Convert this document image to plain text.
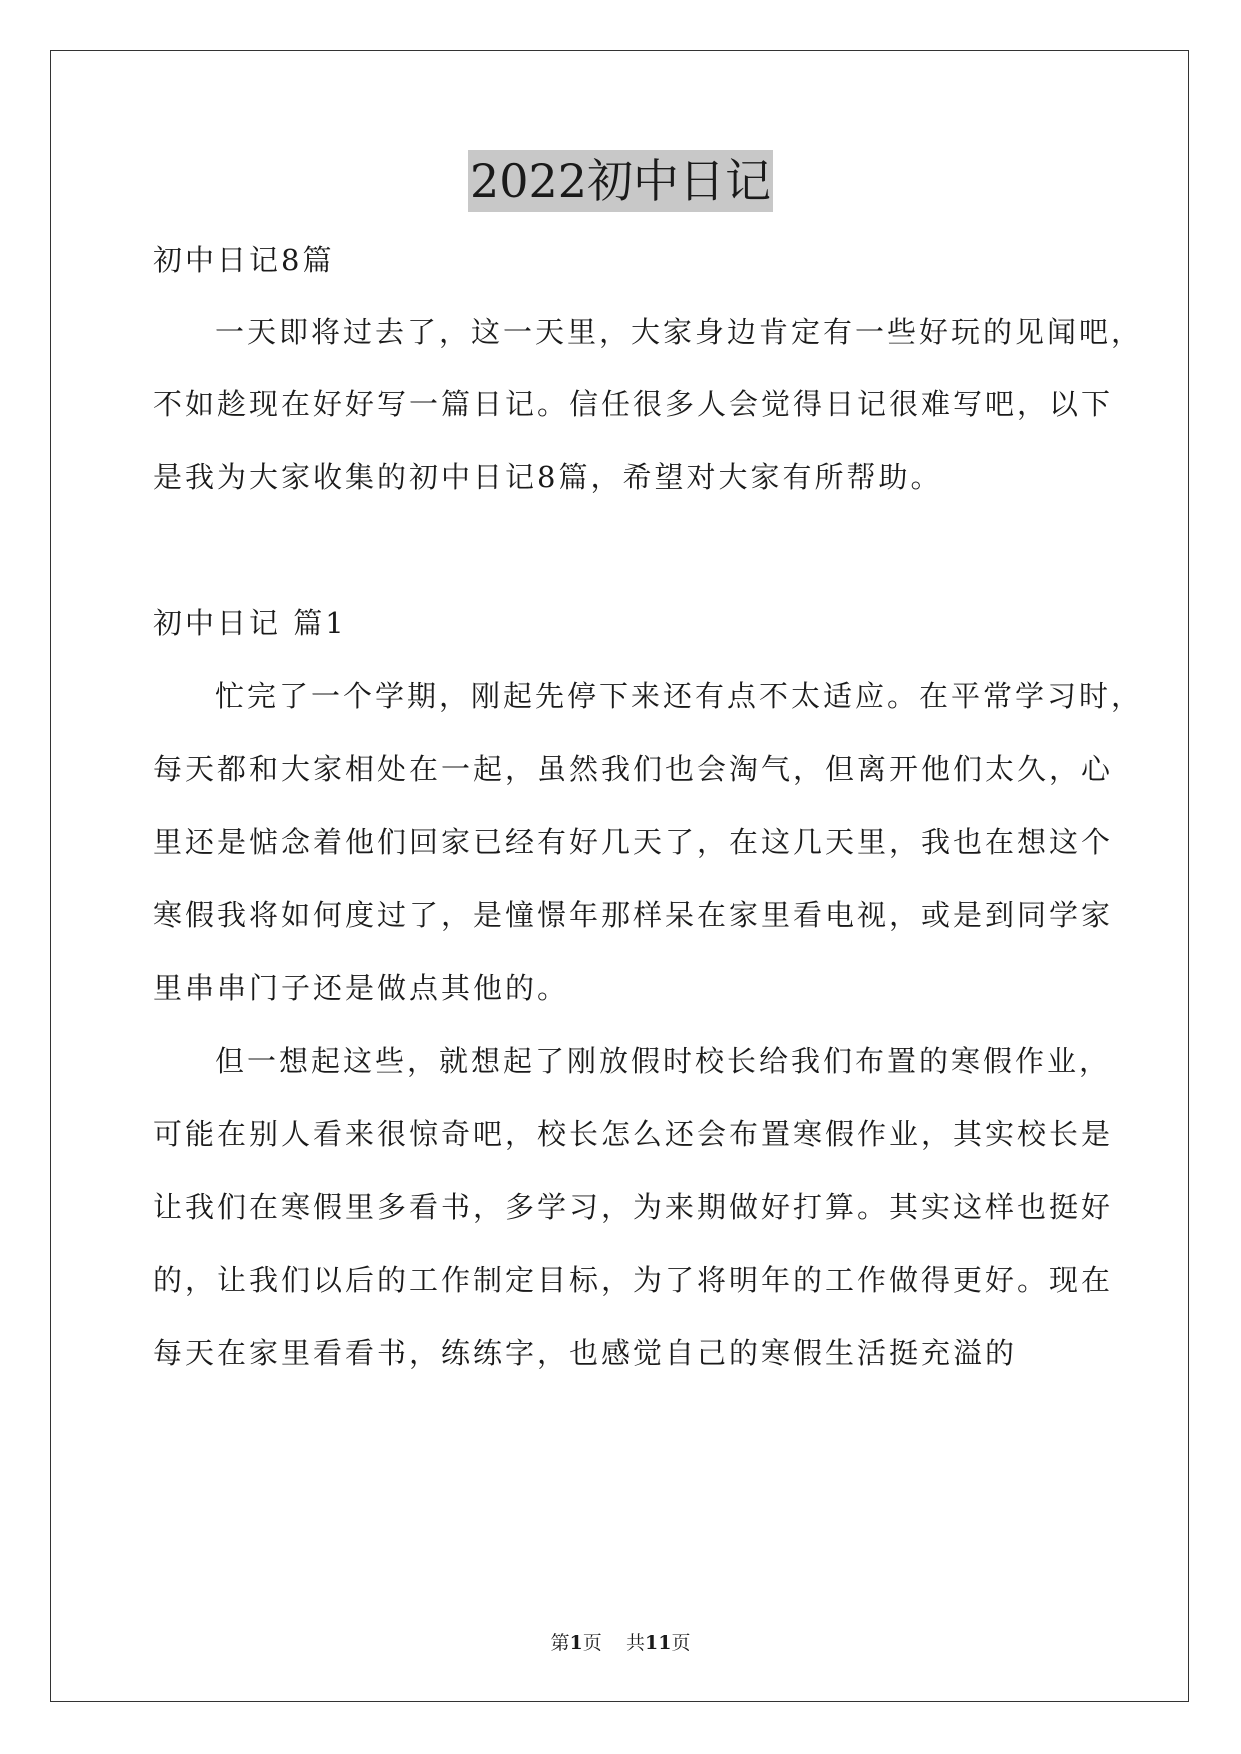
2022初中日记
初中日记8篇
一天即将过去了，这一天里，大家身边肯定有一些好玩的见闻吧，
不如趁现在好好写一篇日记。信任很多人会觉得日记很难写吧，以下
是我为大家收集的初中日记8篇，希望对大家有所帮助。
初中日记 篇1
忙完了一个学期，刚起先停下来还有点不太适应。在平常学习时，
每天都和大家相处在一起，虽然我们也会淘气，但离开他们太久，心
里还是惦念着他们回家已经有好几天了，在这几天里，我也在想这个
寒假我将如何度过了，是憧憬年那样呆在家里看电视，或是到同学家
里串串门子还是做点其他的。
但一想起这些，就想起了刚放假时校长给我们布置的寒假作业，
可能在别人看来很惊奇吧，校长怎么还会布置寒假作业，其实校长是
让我们在寒假里多看书，多学习，为来期做好打算。其实这样也挺好
的，让我们以后的工作制定目标，为了将明年的工作做得更好。现在
每天在家里看看书，练练字，也感觉自己的寒假生活挺充溢的
第1页 共11页
